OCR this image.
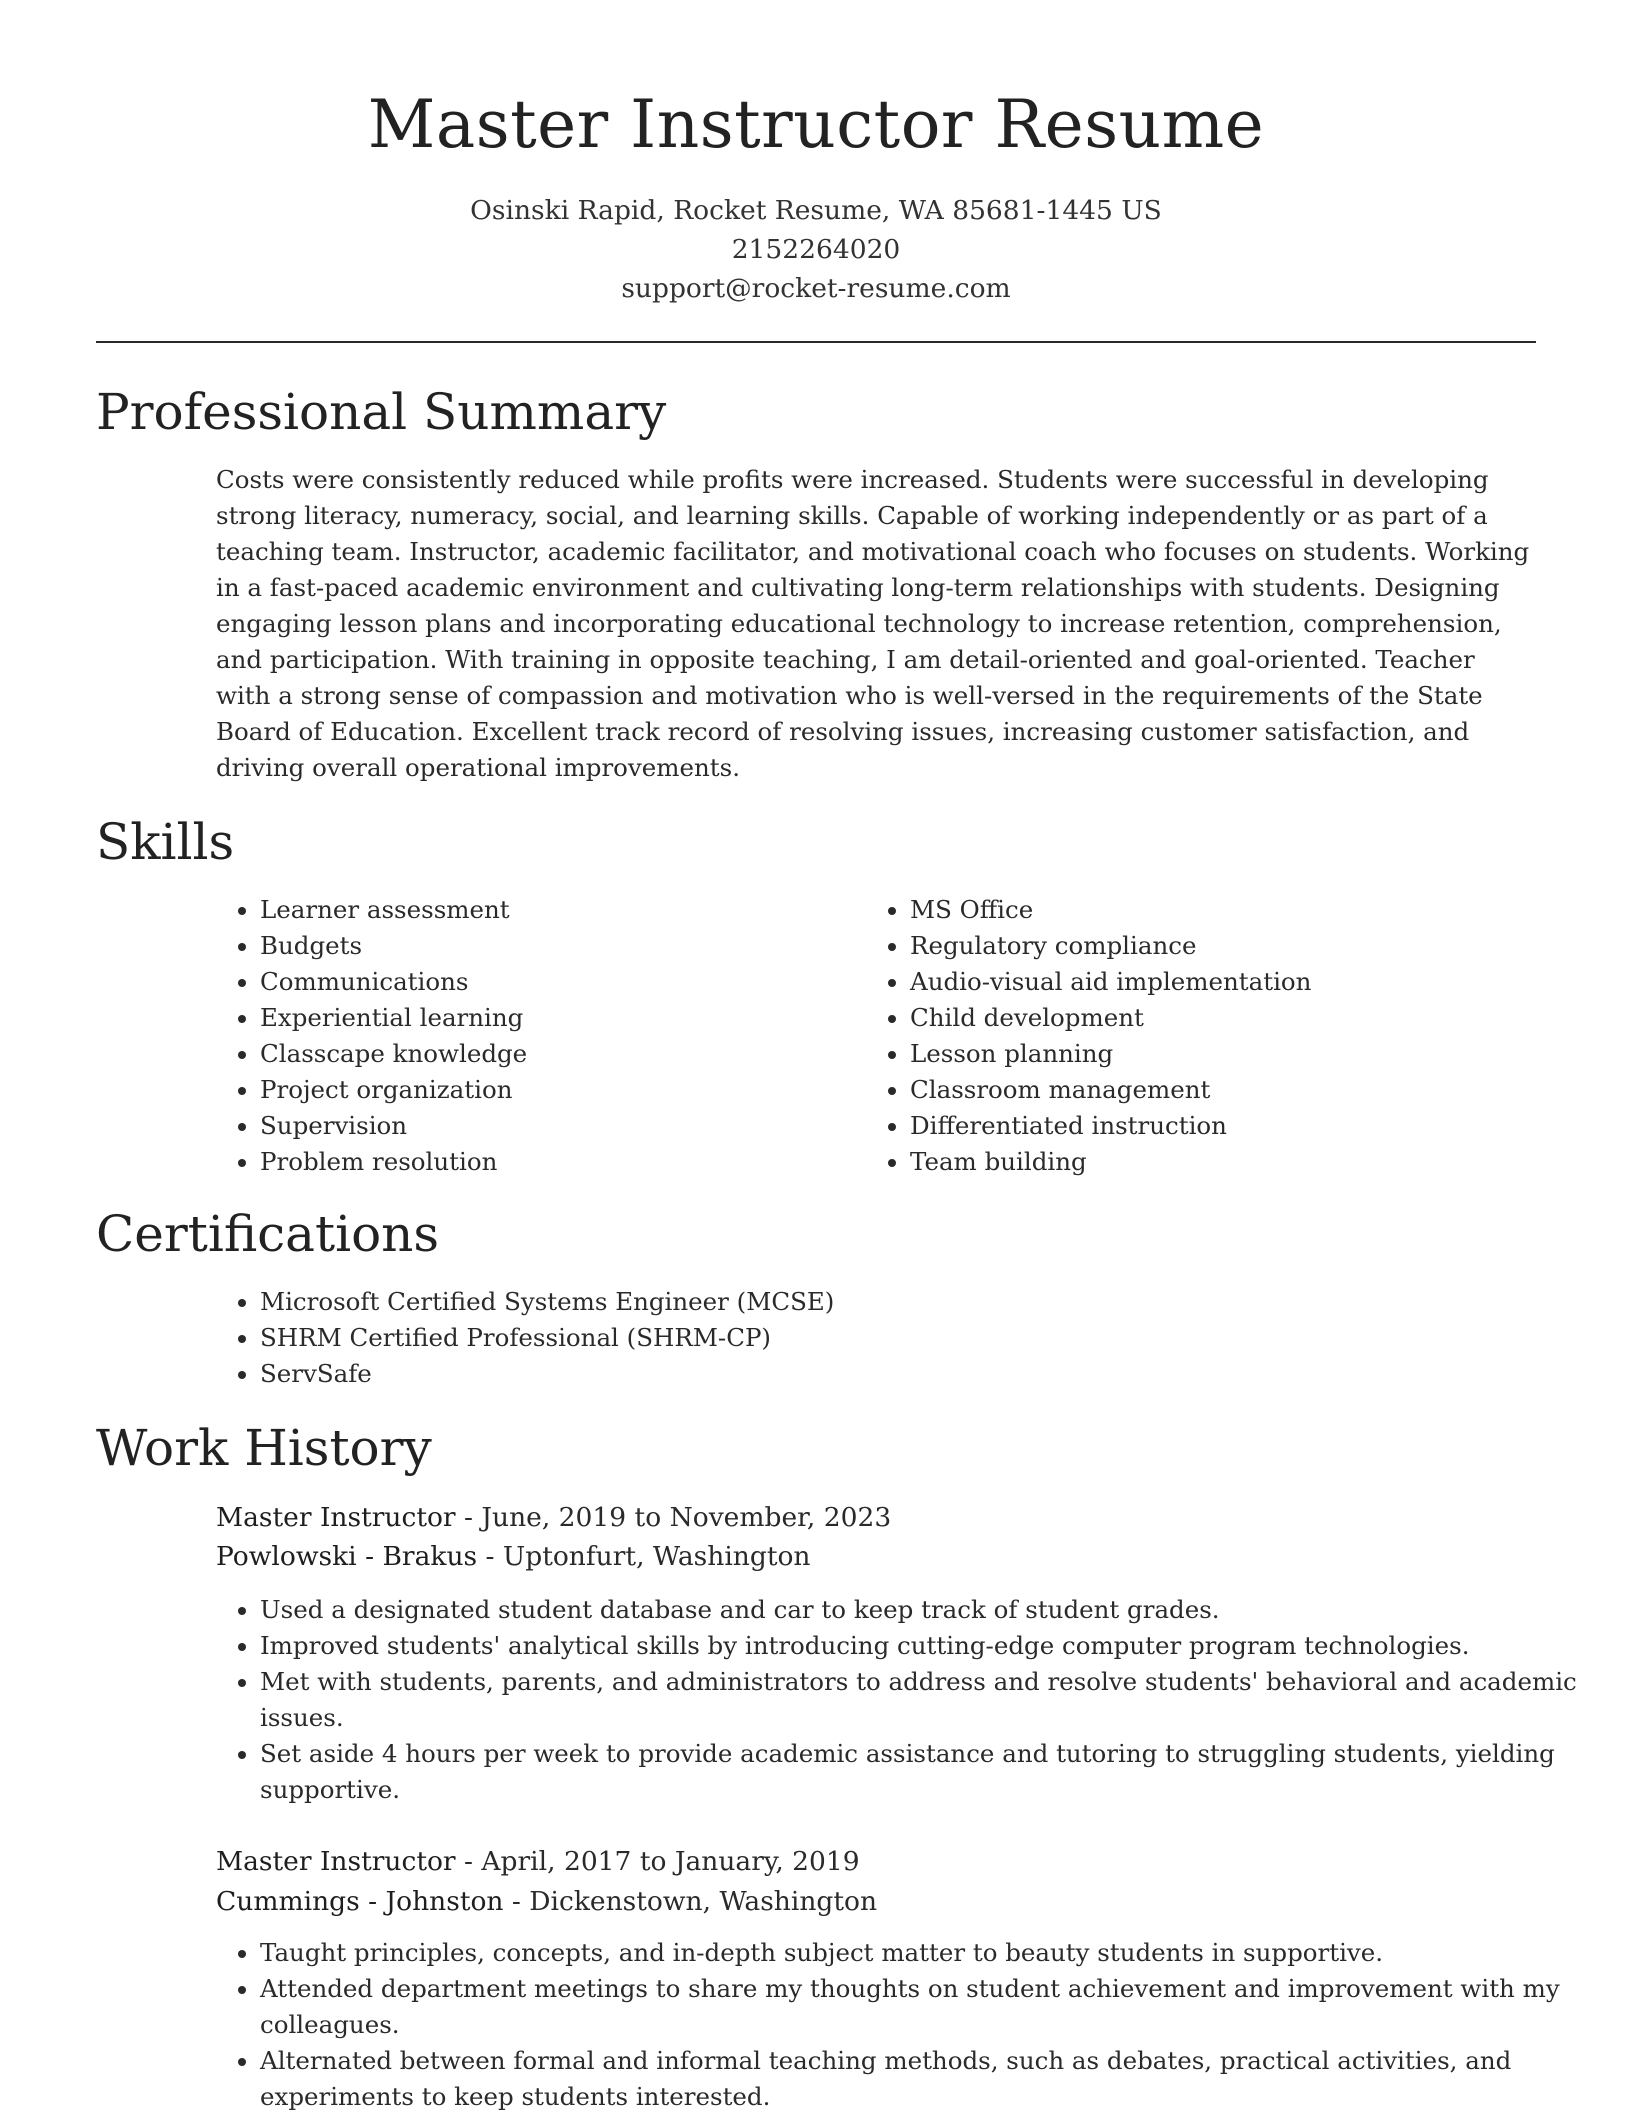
Master Instructor Resume
Osinski Rapid, Rocket Resume, WA 85681-1445 US
2152264020
support@rocket-resume.com
Professional Summary
Costs were consistently reduced while profits were increased. Students were successful in developing strong literacy, numeracy, social, and learning skills. Capable of working independently or as part of a teaching team. Instructor, academic facilitator, and motivational coach who focuses on students. Working in a fast-paced academic environment and cultivating long-term relationships with students. Designing engaging lesson plans and incorporating educational technology to increase retention, comprehension, and participation. With training in opposite teaching, I am detail-oriented and goal-oriented. Teacher with a strong sense of compassion and motivation who is well-versed in the requirements of the State Board of Education. Excellent track record of resolving issues, increasing customer satisfaction, and driving overall operational improvements.
Skills
• Learner assessment
• Budgets
• Communications
• Experiential learning
• Classcape knowledge
• Project organization
• Supervision
• Problem resolution
• MS Office
• Regulatory compliance
• Audio-visual aid implementation
• Child development
• Lesson planning
• Classroom management
• Differentiated instruction
• Team building
Certifications
• Microsoft Certified Systems Engineer (MCSE)
• SHRM Certified Professional (SHRM-CP)
• ServSafe
Work History
Master Instructor - June, 2019 to November, 2023
Powlowski - Brakus - Uptonfurt, Washington
• Used a designated student database and car to keep track of student grades.
• Improved students' analytical skills by introducing cutting-edge computer program technologies.
• Met with students, parents, and administrators to address and resolve students' behavioral and academic issues.
• Set aside 4 hours per week to provide academic assistance and tutoring to struggling students, yielding supportive.
Master Instructor - April, 2017 to January, 2019
Cummings - Johnston - Dickenstown, Washington
• Taught principles, concepts, and in-depth subject matter to beauty students in supportive.
• Attended department meetings to share my thoughts on student achievement and improvement with my colleagues.
• Alternated between formal and informal teaching methods, such as debates, practical activities, and experiments to keep students interested.
